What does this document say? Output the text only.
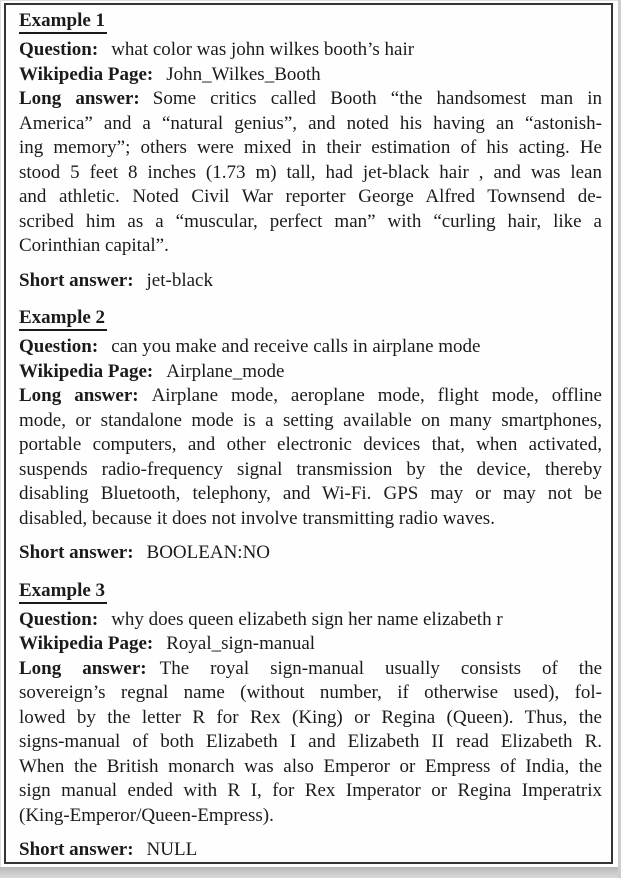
Example 1
Question: what color was john wilkes booth’s hair
Wikipedia Page: John_Wilkes_Booth
Long answer: Some critics called Booth “the handsomest man in
America” and a “natural genius”, and noted his having an “astonish-
ing memory”; others were mixed in their estimation of his acting. He
stood 5 feet 8 inches (1.73 m) tall, had jet-black hair , and was lean
and athletic. Noted Civil War reporter George Alfred Townsend de-
scribed him as a “muscular, perfect man” with “curling hair, like a
Corinthian capital”.
Short answer: jet-black
Example 2
Question: can you make and receive calls in airplane mode
Wikipedia Page: Airplane_mode
Long answer: Airplane mode, aeroplane mode, flight mode, offline
mode, or standalone mode is a setting available on many smartphones,
portable computers, and other electronic devices that, when activated,
suspends radio-frequency signal transmission by the device, thereby
disabling Bluetooth, telephony, and Wi-Fi. GPS may or may not be
disabled, because it does not involve transmitting radio waves.
Short answer: BOOLEAN:NO
Example 3
Question: why does queen elizabeth sign her name elizabeth r
Wikipedia Page: Royal_sign-manual
Long answer: The royal sign-manual usually consists of the
sovereign’s regnal name (without number, if otherwise used), fol-
lowed by the letter R for Rex (King) or Regina (Queen). Thus, the
signs-manual of both Elizabeth I and Elizabeth II read Elizabeth R.
When the British monarch was also Emperor or Empress of India, the
sign manual ended with R I, for Rex Imperator or Regina Imperatrix
(King-Emperor/Queen-Empress).
Short answer: NULL
